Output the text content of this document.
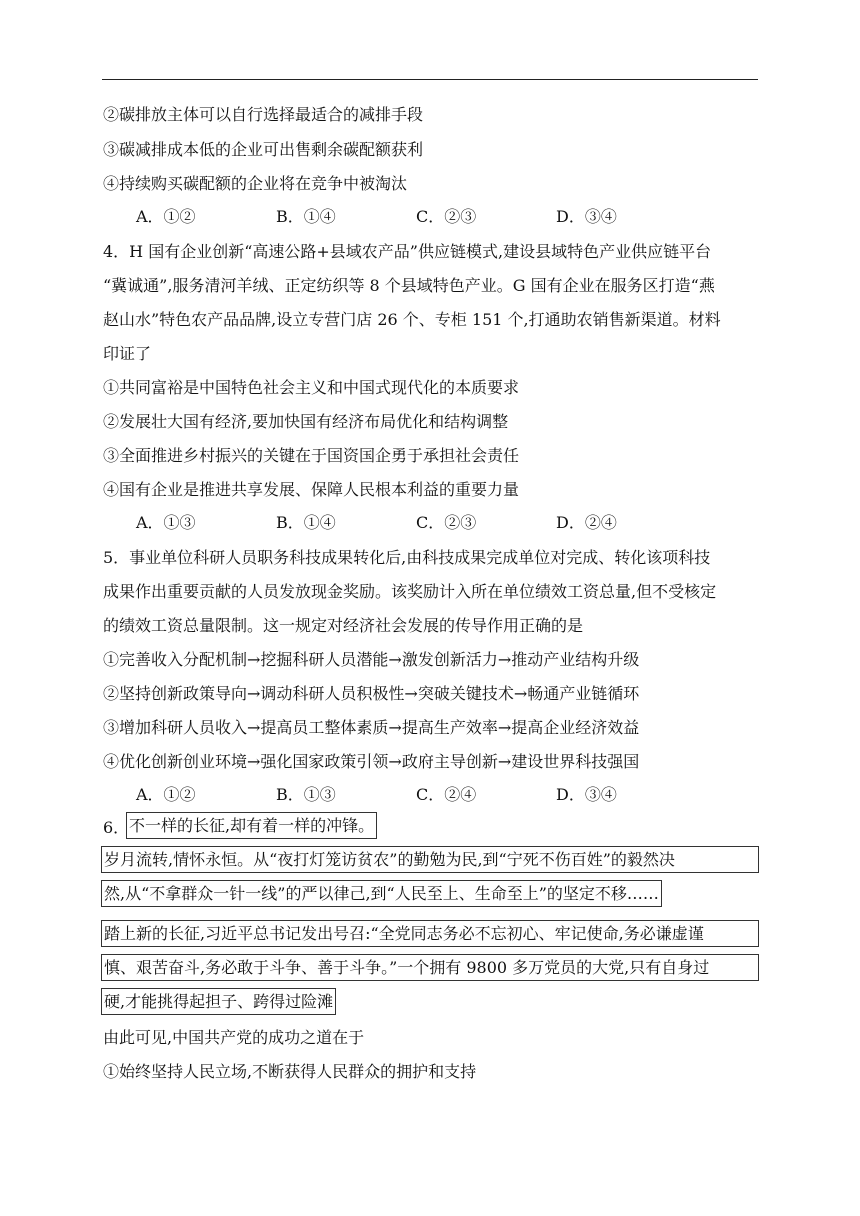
②碳排放主体可以自行选择最适合的减排手段
③碳减排成本低的企业可出售剩余碳配额获利
④持续购买碳配额的企业将在竞争中被淘汰
A．①②	B．①④	C．②③	D．③④
4．H 国有企业创新“高速公路+县域农产品”供应链模式,建设县域特色产业供应链平台
“冀诚通”,服务清河羊绒、正定纺织等 8 个县域特色产业。G 国有企业在服务区打造“燕
赵山水”特色农产品品牌,设立专营门店 26 个、专柜 151 个,打通助农销售新渠道。材料
印证了
①共同富裕是中国特色社会主义和中国式现代化的本质要求
②发展壮大国有经济,要加快国有经济布局优化和结构调整
③全面推进乡村振兴的关键在于国资国企勇于承担社会责任
④国有企业是推进共享发展、保障人民根本利益的重要力量
A．①③	B．①④	C．②③	D．②④
5．事业单位科研人员职务科技成果转化后,由科技成果完成单位对完成、转化该项科技
成果作出重要贡献的人员发放现金奖励。该奖励计入所在单位绩效工资总量,但不受核定
的绩效工资总量限制。这一规定对经济社会发展的传导作用正确的是
①完善收入分配机制→挖掘科研人员潜能→激发创新活力→推动产业结构升级
②坚持创新政策导向→调动科研人员积极性→突破关键技术→畅通产业链循环
③增加科研人员收入→提高员工整体素质→提高生产效率→提高企业经济效益
④优化创新创业环境→强化国家政策引领→政府主导创新→建设世界科技强国
A．①②	B．①③	C．②④	D．③④
6． 不一样的长征,却有着一样的冲锋。
岁月流转,情怀永恒。从“夜打灯笼访贫农”的勤勉为民,到“宁死不伤百姓”的毅然决
然,从“不拿群众一针一线”的严以律己,到“人民至上、生命至上”的坚定不移……
踏上新的长征,习近平总书记发出号召:“全党同志务必不忘初心、牢记使命,务必谦虚谨
慎、艰苦奋斗,务必敢于斗争、善于斗争。”一个拥有 9800 多万党员的大党,只有自身过
硬,才能挑得起担子、跨得过险滩
由此可见,中国共产党的成功之道在于
①始终坚持人民立场,不断获得人民群众的拥护和支持
